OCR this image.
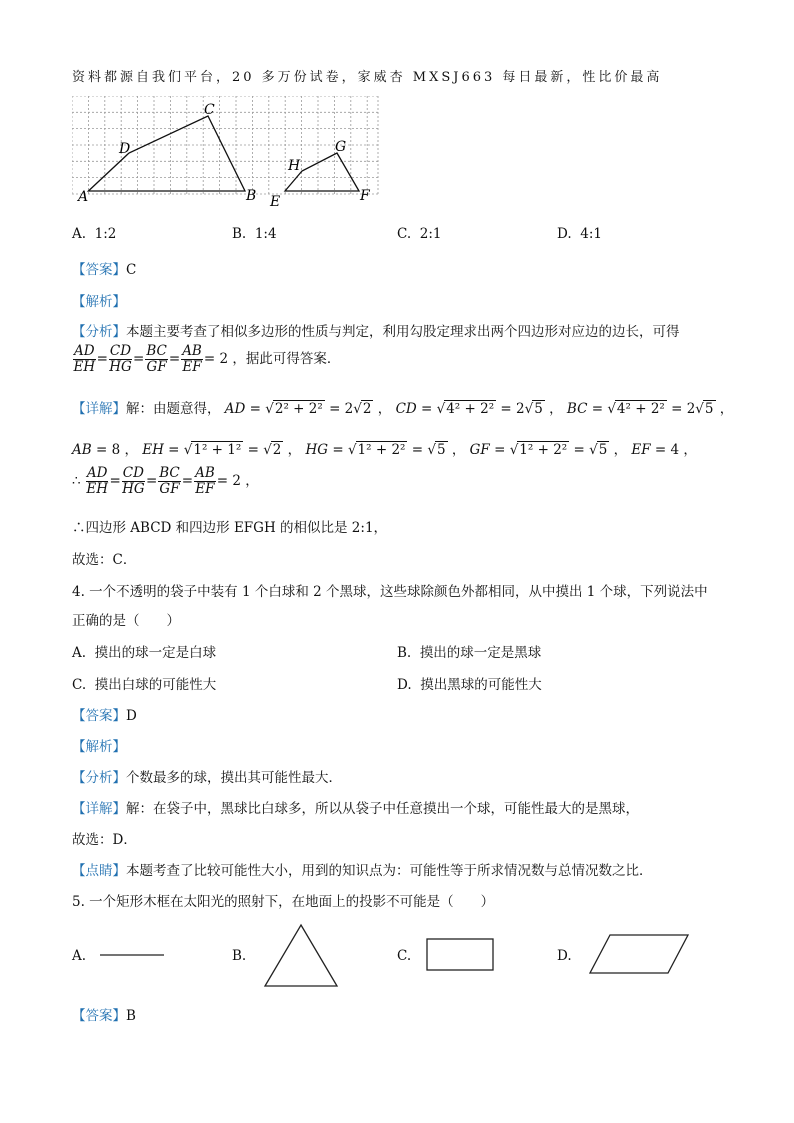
资料都源自我们平台，20 多万份试卷，家威杏 MXSJ663 每日最新，性比价最高
A	B
C
D
E	F
G
H
A. 1:2	B. 1:4	C. 2:1	D. 4:1
【答案】C
【解析】
【分析】本题主要考查了相似多边形的性质与判定，利用勾股定理求出两个四边形对应边的边长，可得
$\frac{AD}{EH} = \frac{CD}{HG} = \frac{BC}{GF} = \frac{AB}{EF} = 2$ ，据此可得答案．
【详解】解：由题意得， AD = √2² + 2² = 2√2 ， CD = √4² + 2² = 2√5 ， BC = √4² + 2² = 2√5 ，
AB = 8 ， EH = √1² + 1² = √2 ， HG = √1² + 2² = √5 ， GF = √1² + 2² = √5 ， EF = 4 ，
∴ $\frac{AD}{EH} = \frac{CD}{HG} = \frac{BC}{GF} = \frac{AB}{EF} = 2$ ，
∴四边形 ABCD 和四边形 EFGH 的相似比是 2:1，
故选：C．
4. 一个不透明的袋子中装有 1 个白球和 2 个黑球，这些球除颜色外都相同，从中摸出 1 个球，下列说法中
正确的是（　　）
A. 摸出的球一定是白球	B. 摸出的球一定是黑球
C. 摸出白球的可能性大	D. 摸出黑球的可能性大
【答案】D
【解析】
【分析】个数最多的球，摸出其可能性最大．
【详解】解：在袋子中，黑球比白球多，所以从袋子中任意摸出一个球，可能性最大的是黑球，
故选：D．
【点睛】本题考查了比较可能性大小，用到的知识点为：可能性等于所求情况数与总情况数之比．
5. 一个矩形木框在太阳光的照射下，在地面上的投影不可能是（　　）
A.	B.	C.	D.
【答案】B
